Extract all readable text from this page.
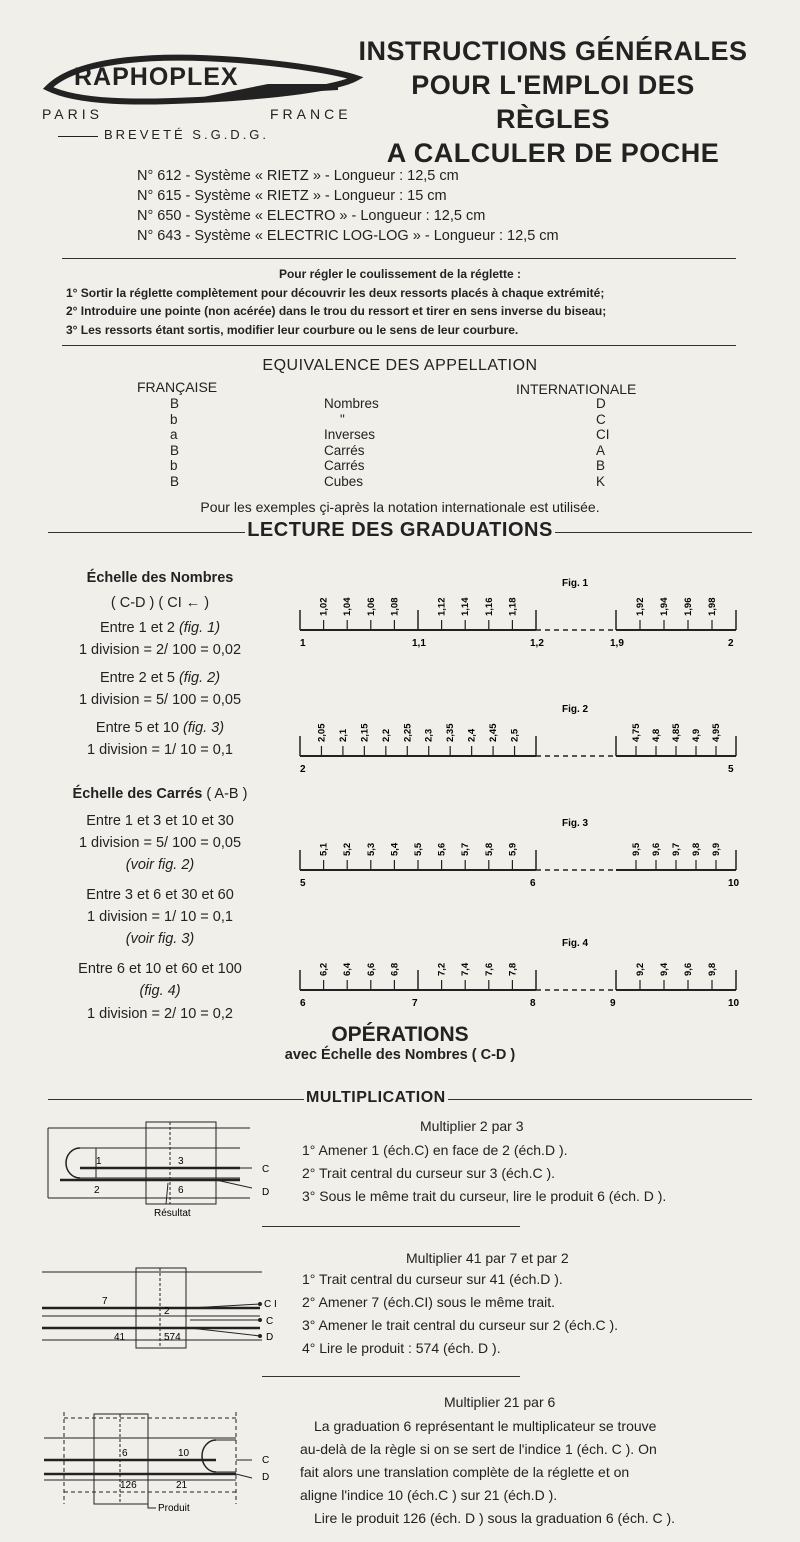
RAPHOPLEX
PARIS	FRANCE
BREVETÉ S.G.D.G.
INSTRUCTIONS GÉNÉRALES
POUR L'EMPLOI DES RÈGLES
A CALCULER DE POCHE
N° 612 - Système « RIETZ » - Longueur : 12,5 cm
N° 615 - Système « RIETZ » - Longueur : 15 cm
N° 650 - Système « ELECTRO » - Longueur : 12,5 cm
N° 643 - Système « ELECTRIC LOG-LOG » - Longueur : 12,5 cm
Pour régler le coulissement de la réglette :
1° Sortir la réglette complètement pour découvrir les deux ressorts placés à chaque extrémité;
2° Introduire une pointe (non acérée) dans le trou du ressort et tirer en sens inverse du biseau;
3° Les ressorts étant sortis, modifier leur courbure ou le sens de leur courbure.
EQUIVALENCE DES APPELLATION
FRANÇAISE	INTERNATIONALE
B	Nombres	D
b	"	C
a	Inverses	CI
B	Carrés	A
b	Carrés	B
B	Cubes	K
Pour les exemples çi-après la notation internationale est utilisée.
LECTURE DES GRADUATIONS
Échelle des Nombres
( C-D ) ( CI ← )
Entre 1 et 2 (fig. 1)
1 division = 2/ 100 = 0,02
Entre 2 et 5 (fig. 2)
1 division = 5/ 100 = 0,05
Entre 5 et 10 (fig. 3)
1 division = 1/ 10 = 0,1
Échelle des Carrés ( A-B )
Entre 1 et 3 et 10 et 30
1 division = 5/ 100 = 0,05
(voir fig. 2)
Entre 3 et 6 et 30 et 60
1 division = 1/ 10 = 0,1
(voir fig. 3)
Entre 6 et 10 et 60 et 100
(fig. 4)
1 division = 2/ 10 = 0,2
Fig. 1
1,02 1,04 1,06 1,08	1,12 1,14 1,16 1,18	1,92 1,94 1,96 1,98
1	1,1	1,2	1,9	2
Fig. 2
2,05 2,1 2,15 2,2 2,25 2,3 2,35 2,4 2,45 2,5	4,75 4,8 4,85 4,9 4,95
2	5
Fig. 3
5,1 5,2 5,3 5,4 5,5 5,6 5,7 5,8 5,9	9,5 9,6 9,7 9,8 9,9
5	6	10
Fig. 4
6,2 6,4 6,6 6,8	7,2 7,4 7,6 7,8	9,2 9,4 9,6 9,8
6	7	8	9	10
OPÉRATIONS
avec Échelle des Nombres ( C-D )
MULTIPLICATION
Multiplier 2 par 3
1° Amener 1 (éch.C) en face de 2 (éch.D ).
2° Trait central du curseur sur 3 (éch.C ).
3° Sous le même trait du curseur, lire le produit 6 (éch. D ).
1	3
2	6
C
D
Résultat
Multiplier 41 par 7 et par 2
1° Trait central du curseur sur 41 (éch.D ).
2° Amener 7 (éch.CI) sous le même trait.
3° Amener le trait central du curseur sur 2 (éch.C ).
4° Lire le produit : 574 (éch. D ).
7
2
41	574
C I
C
D
Multiplier 21 par 6
La graduation 6 représentant le multiplicateur se trouve
au-delà de la règle si on se sert de l'indice 1 (éch. C ). On
fait alors une translation complète de la réglette et on
aligne l'indice 10 (éch.C ) sur 21 (éch.D ).
Lire le produit 126 (éch. D ) sous la graduation 6 (éch. C ).
6	10
126	21
C
D
Produit
